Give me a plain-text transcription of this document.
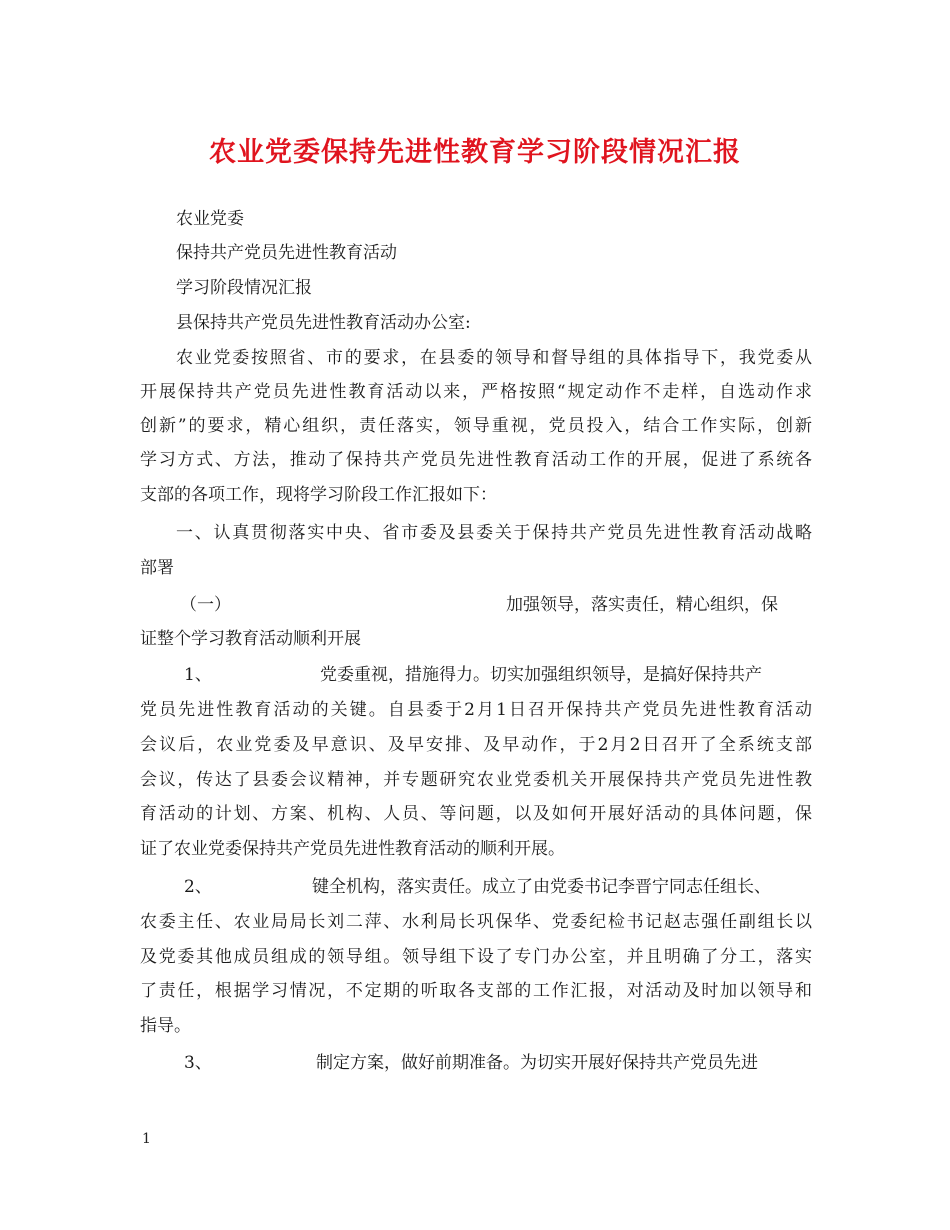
农业党委保持先进性教育学习阶段情况汇报
农业党委
保持共产党员先进性教育活动
学习阶段情况汇报
县保持共产党员先进性教育活动办公室:
农业党委按照省、市的要求，在县委的领导和督导组的具体指导下，我党委从
开展保持共产党员先进性教育活动以来，严格按照“规定动作不走样，自选动作求
创新”的要求，精心组织，责任落实，领导重视，党员投入，结合工作实际，创新
学习方式、方法，推动了保持共产党员先进性教育活动工作的开展，促进了系统各
支部的各项工作，现将学习阶段工作汇报如下：
一、认真贯彻落实中央、省市委及县委关于保持共产党员先进性教育活动战略
部署
（一）	加强领导，落实责任，精心组织，保
证整个学习教育活动顺利开展
1、	党委重视，措施得力。切实加强组织领导，是搞好保持共产
党员先进性教育活动的关键。自县委于2月1日召开保持共产党员先进性教育活动
会议后，农业党委及早意识、及早安排、及早动作，于2月2日召开了全系统支部
会议，传达了县委会议精神，并专题研究农业党委机关开展保持共产党员先进性教
育活动的计划、方案、机构、人员、等问题，以及如何开展好活动的具体问题，保
证了农业党委保持共产党员先进性教育活动的顺利开展。
2、	键全机构，落实责任。成立了由党委书记李晋宁同志任组长、
农委主任、农业局局长刘二萍、水利局长巩保华、党委纪检书记赵志强任副组长以
及党委其他成员组成的领导组。领导组下设了专门办公室，并且明确了分工，落实
了责任，根据学习情况，不定期的听取各支部的工作汇报，对活动及时加以领导和
指导。
3、	制定方案，做好前期准备。为切实开展好保持共产党员先进
1
